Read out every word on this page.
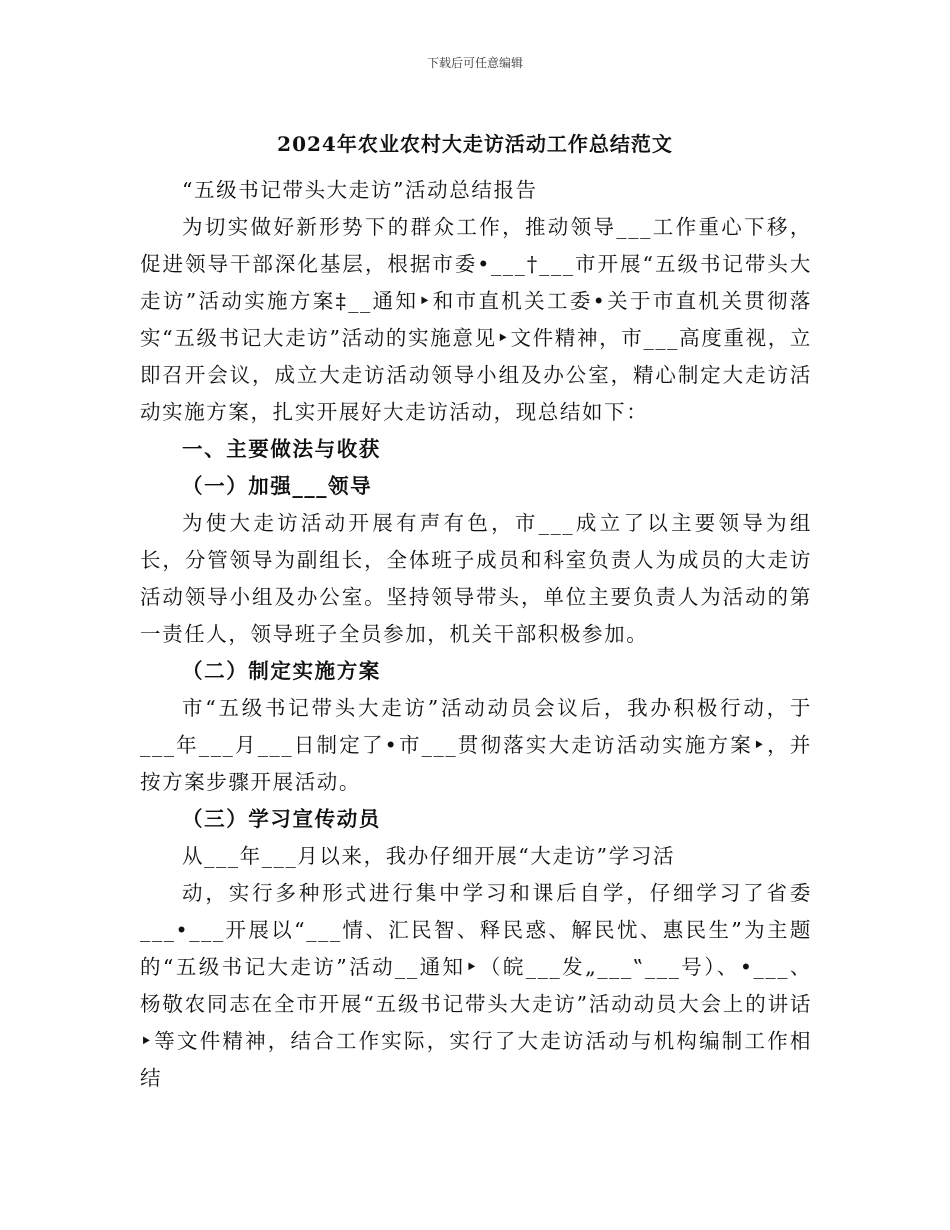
下载后可任意编辑
2024年农业农村大走访活动工作总结范文

“五级书记带头大走访”活动总结报告

为切实做好新形势下的群众工作，推动领导___工作重心下移，促进领导干部深化基层，根据市委•___†___市开展“五级书记带头大走访”活动实施方案‡__通知‣和市直机关工委•关于市直机关贯彻落实“五级书记大走访”活动的实施意见‣文件精神，市___高度重视，立即召开会议，成立大走访活动领导小组及办公室，精心制定大走访活动实施方案，扎实开展好大走访活动，现总结如下：

一、主要做法与收获

（一）加强___领导

为使大走访活动开展有声有色，市___成立了以主要领导为组长，分管领导为副组长，全体班子成员和科室负责人为成员的大走访活动领导小组及办公室。坚持领导带头，单位主要负责人为活动的第一责任人，领导班子全员参加，机关干部积极参加。

（二）制定实施方案

市“五级书记带头大走访”活动动员会议后，我办积极行动，于___年___月___日制定了•市___贯彻落实大走访活动实施方案‣，并按方案步骤开展活动。

（三）学习宣传动员

从___年___月以来，我办仔细开展“大走访”学习活

动，实行多种形式进行集中学习和课后自学，仔细学习了省委___•___开展以“___情、汇民智、释民惑、解民忧、惠民生”为主题的“五级书记大走访”活动__通知‣（皖___发„___‟___号）、•___、杨敬农同志在全市开展“五级书记带头大走访”活动动员大会上的讲话‣等文件精神，结合工作实际，实行了大走访活动与机构编制工作相结
